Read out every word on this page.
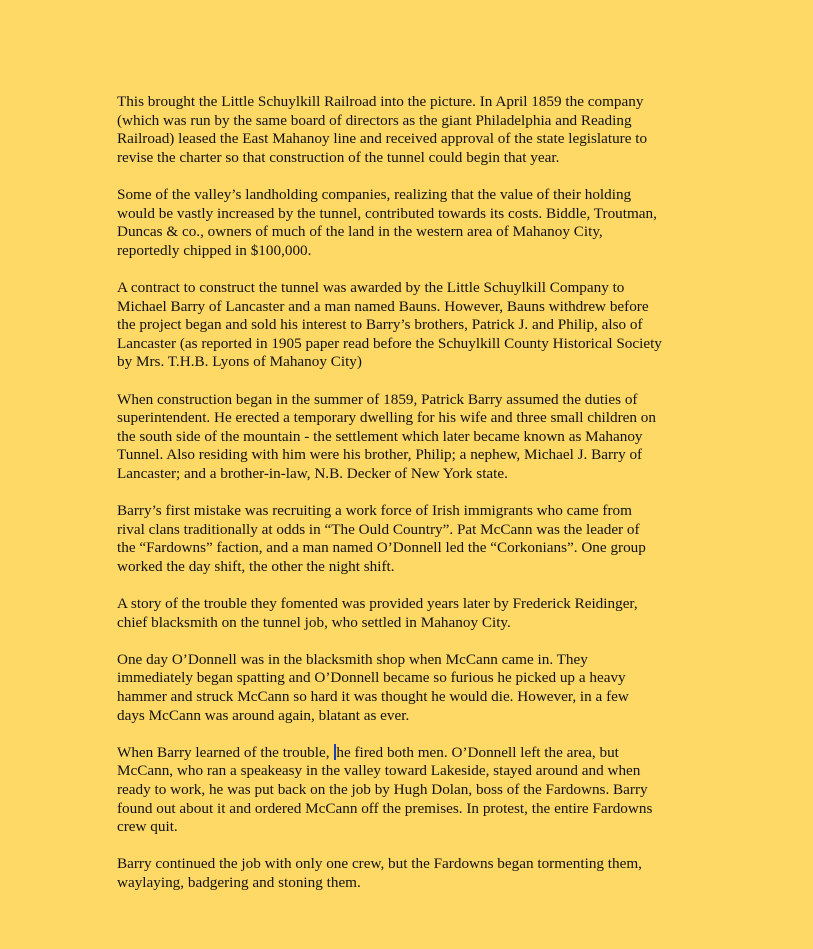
This brought the Little Schuylkill Railroad into the picture. In April 1859 the company
(which was run by the same board of directors as the giant Philadelphia and Reading
Railroad) leased the East Mahanoy line and received approval of the state legislature to
revise the charter so that construction of the tunnel could begin that year.

Some of the valley’s landholding companies, realizing that the value of their holding
would be vastly increased by the tunnel, contributed towards its costs. Biddle, Troutman,
Duncas & co., owners of much of the land in the western area of Mahanoy City,
reportedly chipped in $100,000.

A contract to construct the tunnel was awarded by the Little Schuylkill Company to
Michael Barry of Lancaster and a man named Bauns. However, Bauns withdrew before
the project began and sold his interest to Barry’s brothers, Patrick J. and Philip, also of
Lancaster (as reported in 1905 paper read before the Schuylkill County Historical Society
by Mrs. T.H.B. Lyons of Mahanoy City)

When construction began in the summer of 1859, Patrick Barry assumed the duties of
superintendent. He erected a temporary dwelling for his wife and three small children on
the south side of the mountain - the settlement which later became known as Mahanoy
Tunnel. Also residing with him were his brother, Philip; a nephew, Michael J. Barry of
Lancaster; and a brother-in-law, N.B. Decker of New York state.

Barry’s first mistake was recruiting a work force of Irish immigrants who came from
rival clans traditionally at odds in “The Ould Country”. Pat McCann was the leader of
the “Fardowns” faction, and a man named O’Donnell led the “Corkonians”. One group
worked the day shift, the other the night shift.

A story of the trouble they fomented was provided years later by Frederick Reidinger,
chief blacksmith on the tunnel job, who settled in Mahanoy City.

One day O’Donnell was in the blacksmith shop when McCann came in. They
immediately began spatting and O’Donnell became so furious he picked up a heavy
hammer and struck McCann so hard it was thought he would die. However, in a few
days McCann was around again, blatant as ever.

When Barry learned of the trouble, he fired both men. O’Donnell left the area, but
McCann, who ran a speakeasy in the valley toward Lakeside, stayed around and when
ready to work, he was put back on the job by Hugh Dolan, boss of the Fardowns. Barry
found out about it and ordered McCann off the premises. In protest, the entire Fardowns
crew quit.

Barry continued the job with only one crew, but the Fardowns began tormenting them,
waylaying, badgering and stoning them.
